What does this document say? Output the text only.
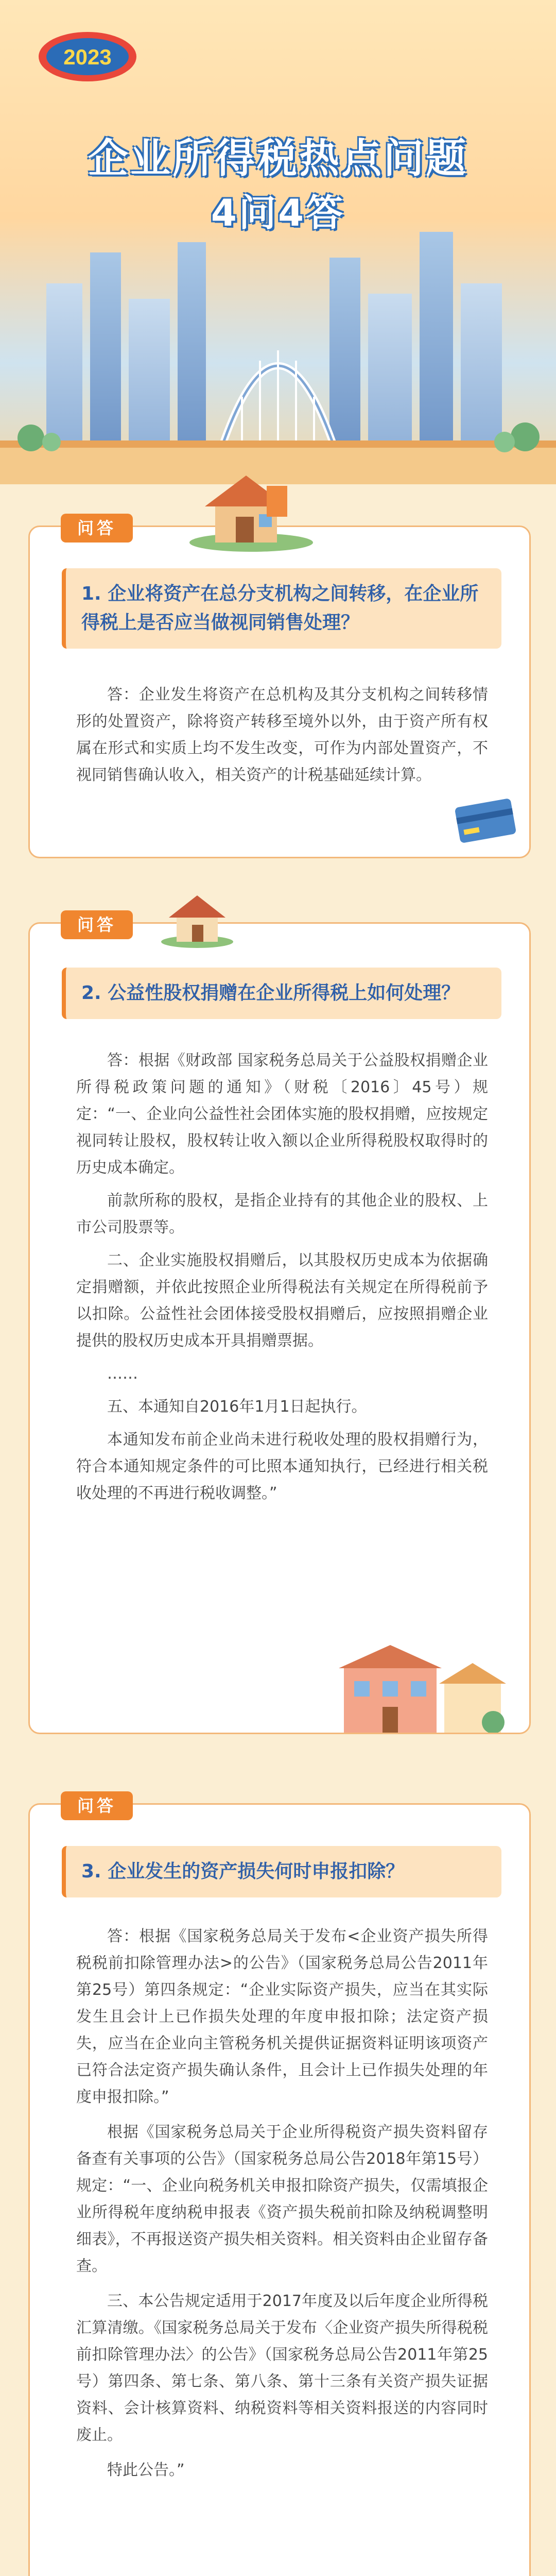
2023
企业所得税热点问题
4问4答
问答

1. 企业将资产在总分支机构之间转移，在企业所得税上是否应当做视同销售处理？

答：企业发生将资产在总机构及其分支机构之间转移情形的处置资产，除将资产转移至境外以外，由于资产所有权属在形式和实质上均不发生改变，可作为内部处置资产，不视同销售确认收入，相关资产的计税基础延续计算。

问答

2. 公益性股权捐赠在企业所得税上如何处理？

答：根据《财政部 国家税务总局关于公益股权捐赠企业所得税政策问题的通知》（财税〔2016〕45号）规定：“一、企业向公益性社会团体实施的股权捐赠，应按规定视同转让股权，股权转让收入额以企业所得税股权取得时的历史成本确定。

前款所称的股权，是指企业持有的其他企业的股权、上市公司股票等。

二、企业实施股权捐赠后，以其股权历史成本为依据确定捐赠额，并依此按照企业所得税法有关规定在所得税前予以扣除。公益性社会团体接受股权捐赠后，应按照捐赠企业提供的股权历史成本开具捐赠票据。

……

五、本通知自2016年1月1日起执行。

本通知发布前企业尚未进行税收处理的股权捐赠行为，符合本通知规定条件的可比照本通知执行，已经进行相关税收处理的不再进行税收调整。”

问答

3. 企业发生的资产损失何时申报扣除？

答：根据《国家税务总局关于发布<企业资产损失所得税税前扣除管理办法>的公告》（国家税务总局公告2011年第25号）第四条规定：“企业实际资产损失，应当在其实际发生且会计上已作损失处理的年度申报扣除；法定资产损失，应当在企业向主管税务机关提供证据资料证明该项资产已符合法定资产损失确认条件，且会计上已作损失处理的年度申报扣除。”

根据《国家税务总局关于企业所得税资产损失资料留存备查有关事项的公告》（国家税务总局公告2018年第15号）规定：“一、企业向税务机关申报扣除资产损失，仅需填报企业所得税年度纳税申报表《资产损失税前扣除及纳税调整明细表》，不再报送资产损失相关资料。相关资料由企业留存备查。

三、本公告规定适用于2017年度及以后年度企业所得税汇算清缴。《国家税务总局关于发布〈企业资产损失所得税税前扣除管理办法〉的公告》（国家税务总局公告2011年第25号）第四条、第七条、第八条、第十三条有关资产损失证据资料、会计核算资料、纳税资料等相关资料报送的内容同时废止。

特此公告。”
